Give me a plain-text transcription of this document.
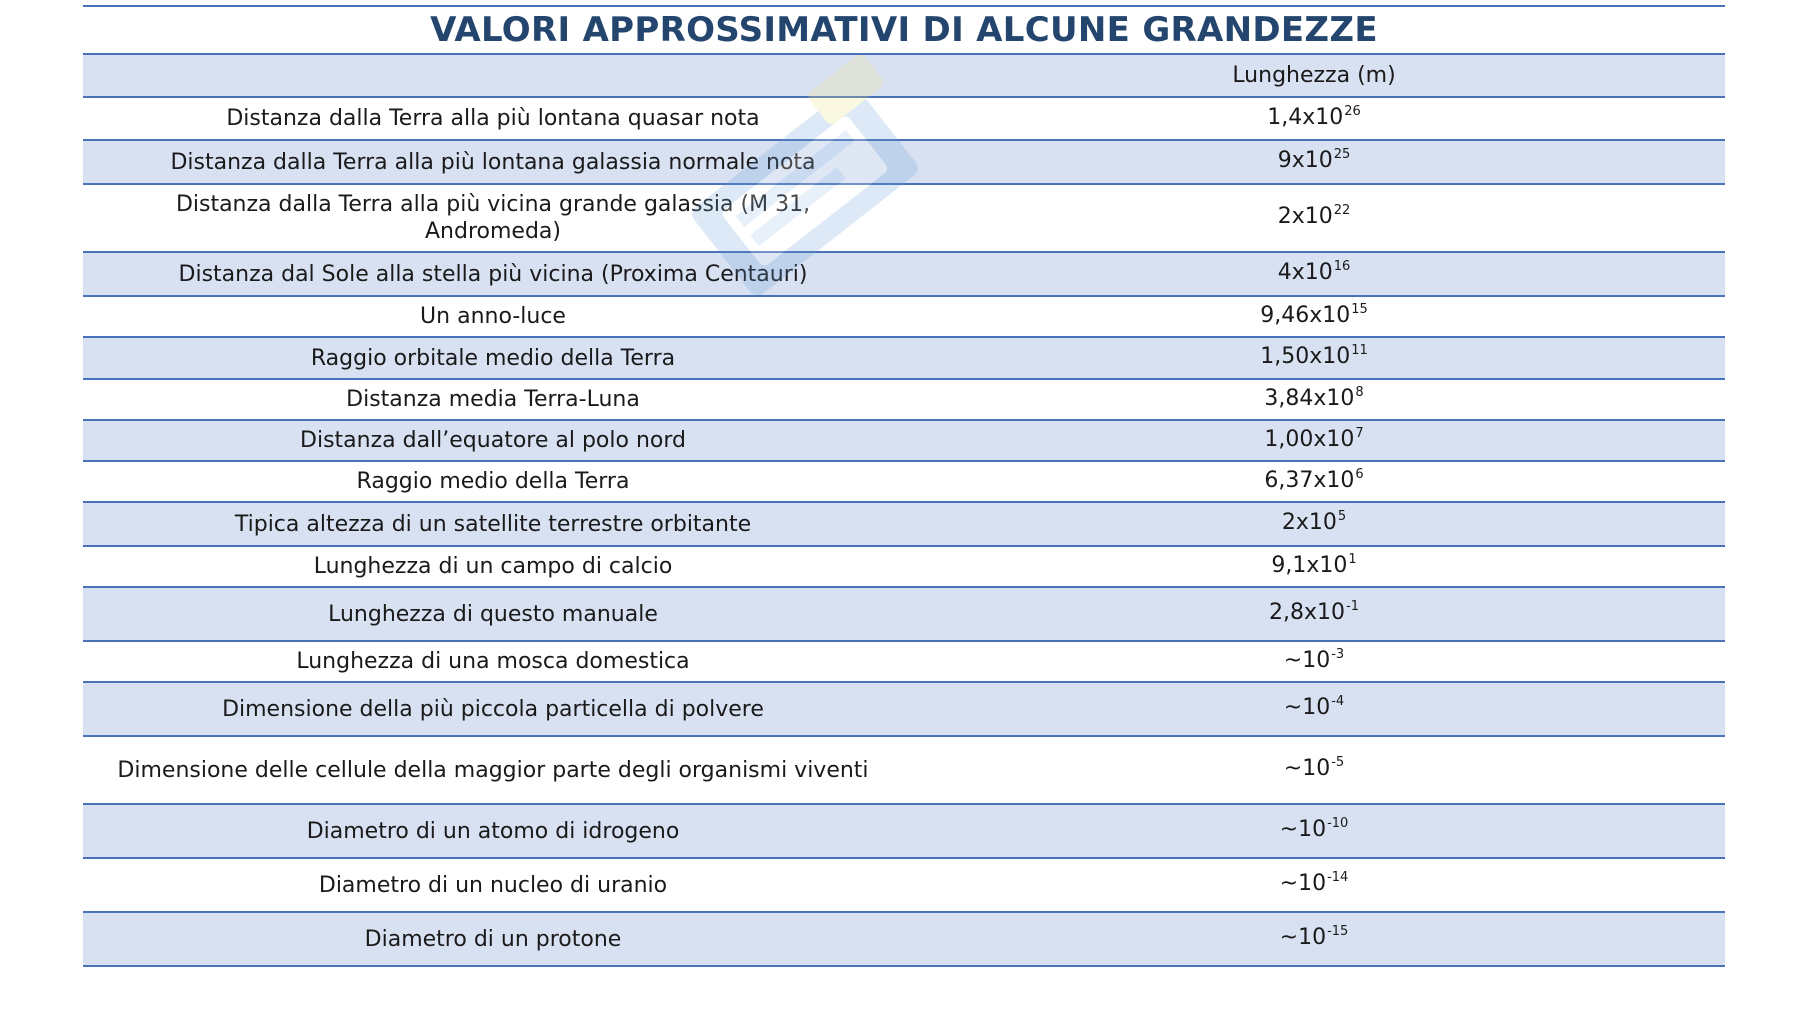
VALORI APPROSSIMATIVI DI ALCUNE GRANDEZZE
	Lunghezza (m)
Distanza dalla Terra alla più lontana quasar nota	$1,4x10^{26}$
Distanza dalla Terra alla più lontana galassia normale nota	$9x10^{25}$
Distanza dalla Terra alla più vicina grande galassia (M 31, Andromeda)	$2x10^{22}$
Distanza dal Sole alla stella più vicina (Proxima Centauri)	$4x10^{16}$
Un anno-luce	$9,46x10^{15}$
Raggio orbitale medio della Terra	$1,50x10^{11}$
Distanza media Terra-Luna	$3,84x10^8$
Distanza dall’equatore al polo nord	$1,00x10^7$
Raggio medio della Terra	$6,37x10^6$
Tipica altezza di un satellite terrestre orbitante	$2x10^5$
Lunghezza di un campo di calcio	$9,1x10^1$
Lunghezza di questo manuale	$2,8x10^{-1}$
Lunghezza di una mosca domestica	$\sim 10^{-3}$
Dimensione della più piccola particella di polvere	$\sim 10^{-4}$
Dimensione delle cellule della maggior parte degli organismi viventi	$\sim 10^{-5}$
Diametro di un atomo di idrogeno	$\sim 10^{-10}$
Diametro di un nucleo di uranio	$\sim 10^{-14}$
Diametro di un protone	$\sim 10^{-15}$
